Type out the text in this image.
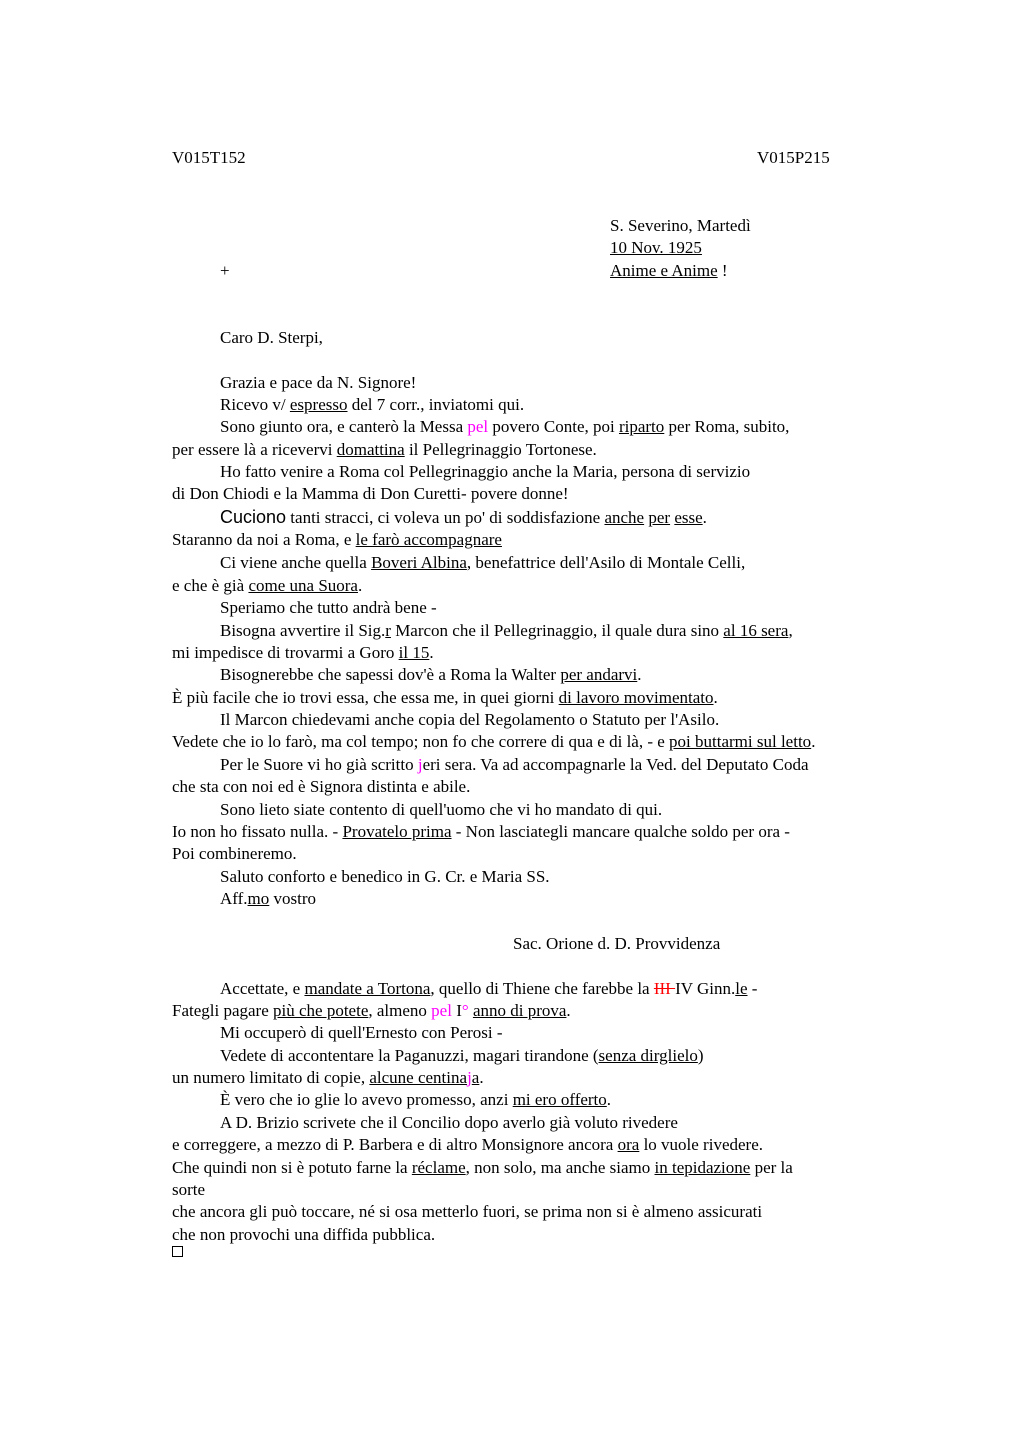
V015T152	V015P215
S. Severino, Martedì
10 Nov. 1925
+	Anime e Anime !
Caro D. Sterpi,
Grazia e pace da N. Signore!
Ricevo v/ espresso del 7 corr., inviatomi qui.
Sono giunto ora, e canterò la Messa pel povero Conte, poi riparto per Roma, subito,
per essere là a ricevervi domattina il Pellegrinaggio Tortonese.
Ho fatto venire a Roma col Pellegrinaggio anche la Maria, persona di servizio
di Don Chiodi e la Mamma di Don Curetti- povere donne!
Cuciono tanti stracci, ci voleva un po' di soddisfazione anche per esse.
Staranno da noi a Roma, e le farò accompagnare
Ci viene anche quella Boveri Albina, benefattrice dell'Asilo di Montale Celli,
e che è già come una Suora.
Speriamo che tutto andrà bene -
Bisogna avvertire il Sig.r Marcon che il Pellegrinaggio, il quale dura sino al 16 sera,
mi impedisce di trovarmi a Goro il 15.
Bisognerebbe che sapessi dov'è a Roma la Walter per andarvi.
È più facile che io trovi essa, che essa me, in quei giorni di lavoro movimentato.
Il Marcon chiedevami anche copia del Regolamento o Statuto per l'Asilo.
Vedete che io lo farò, ma col tempo; non fo che correre di qua e di là, - e poi buttarmi sul letto.
Per le Suore vi ho già scritto jeri sera. Va ad accompagnarle la Ved. del Deputato Coda
che sta con noi ed è Signora distinta e abile.
Sono lieto siate contento di quell'uomo che vi ho mandato di qui.
Io non ho fissato nulla. - Provatelo prima - Non lasciategli mancare qualche soldo per ora -
Poi combineremo.
Saluto conforto e benedico in G. Cr. e Maria SS.
Aff.mo vostro
Sac. Orione d. D. Provvidenza
Accettate, e mandate a Tortona, quello di Thiene che farebbe la III IV Ginn.le -
Fategli pagare più che potete, almeno pel I° anno di prova.
Mi occuperò di quell'Ernesto con Perosi -
Vedete di accontentare la Paganuzzi, magari tirandone (senza dirglielo)
un numero limitato di copie, alcune centinaja.
È vero che io glie lo avevo promesso, anzi mi ero offerto.
A D. Brizio scrivete che il Concilio dopo averlo già voluto rivedere
e correggere, a mezzo di P. Barbera e di altro Monsignore ancora ora lo vuole rivedere.
Che quindi non si è potuto farne la réclame, non solo, ma anche siamo in tepidazione per la
sorte
che ancora gli può toccare, né si osa metterlo fuori, se prima non si è almeno assicurati
che non provochi una diffida pubblica.
